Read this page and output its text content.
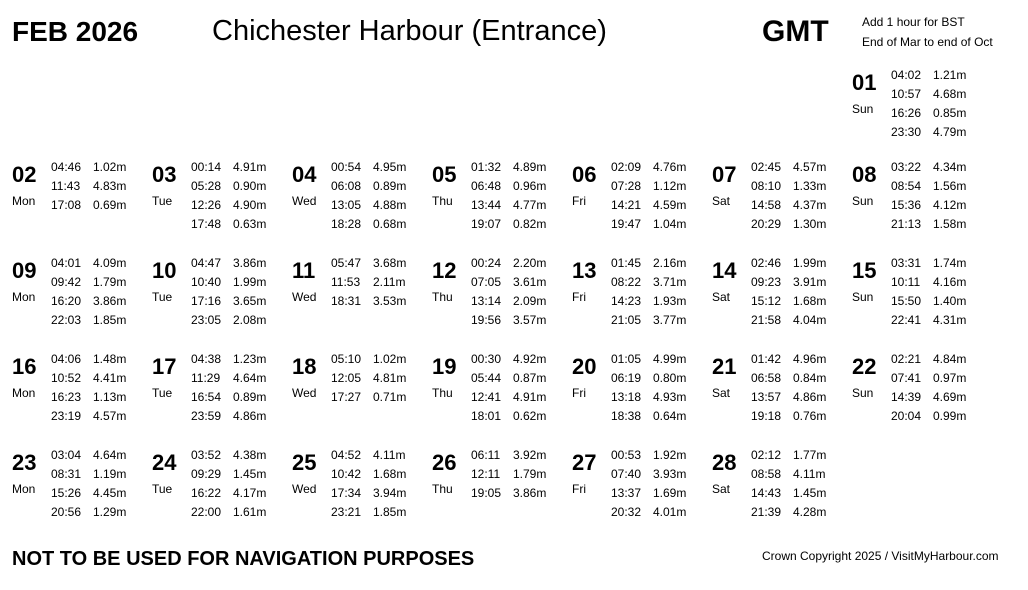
FEB 2026	Chichester Harbour (Entrance)	GMT	Add 1 hour for BST
End of Mar to end of Oct
01
Sun
04:02 1.21m
10:57 4.68m
16:26 0.85m
23:30 4.79m
02
Mon
04:46 1.02m
11:43 4.83m
17:08 0.69m
03
Tue
00:14 4.91m
05:28 0.90m
12:26 4.90m
17:48 0.63m
04
Wed
00:54 4.95m
06:08 0.89m
13:05 4.88m
18:28 0.68m
05
Thu
01:32 4.89m
06:48 0.96m
13:44 4.77m
19:07 0.82m
06
Fri
02:09 4.76m
07:28 1.12m
14:21 4.59m
19:47 1.04m
07
Sat
02:45 4.57m
08:10 1.33m
14:58 4.37m
20:29 1.30m
08
Sun
03:22 4.34m
08:54 1.56m
15:36 4.12m
21:13 1.58m
09
Mon
04:01 4.09m
09:42 1.79m
16:20 3.86m
22:03 1.85m
10
Tue
04:47 3.86m
10:40 1.99m
17:16 3.65m
23:05 2.08m
11
Wed
05:47 3.68m
11:53 2.11m
18:31 3.53m
12
Thu
00:24 2.20m
07:05 3.61m
13:14 2.09m
19:56 3.57m
13
Fri
01:45 2.16m
08:22 3.71m
14:23 1.93m
21:05 3.77m
14
Sat
02:46 1.99m
09:23 3.91m
15:12 1.68m
21:58 4.04m
15
Sun
03:31 1.74m
10:11 4.16m
15:50 1.40m
22:41 4.31m
16
Mon
04:06 1.48m
10:52 4.41m
16:23 1.13m
23:19 4.57m
17
Tue
04:38 1.23m
11:29 4.64m
16:54 0.89m
23:59 4.86m
18
Wed
05:10 1.02m
12:05 4.81m
17:27 0.71m
19
Thu
00:30 4.92m
05:44 0.87m
12:41 4.91m
18:01 0.62m
20
Fri
01:05 4.99m
06:19 0.80m
13:18 4.93m
18:38 0.64m
21
Sat
01:42 4.96m
06:58 0.84m
13:57 4.86m
19:18 0.76m
22
Sun
02:21 4.84m
07:41 0.97m
14:39 4.69m
20:04 0.99m
23
Mon
03:04 4.64m
08:31 1.19m
15:26 4.45m
20:56 1.29m
24
Tue
03:52 4.38m
09:29 1.45m
16:22 4.17m
22:00 1.61m
25
Wed
04:52 4.11m
10:42 1.68m
17:34 3.94m
23:21 1.85m
26
Thu
06:11 3.92m
12:11 1.79m
19:05 3.86m
27
Fri
00:53 1.92m
07:40 3.93m
13:37 1.69m
20:32 4.01m
28
Sat
02:12 1.77m
08:58 4.11m
14:43 1.45m
21:39 4.28m
NOT TO BE USED FOR NAVIGATION PURPOSES	Crown Copyright 2025 / VisitMyHarbour.com
